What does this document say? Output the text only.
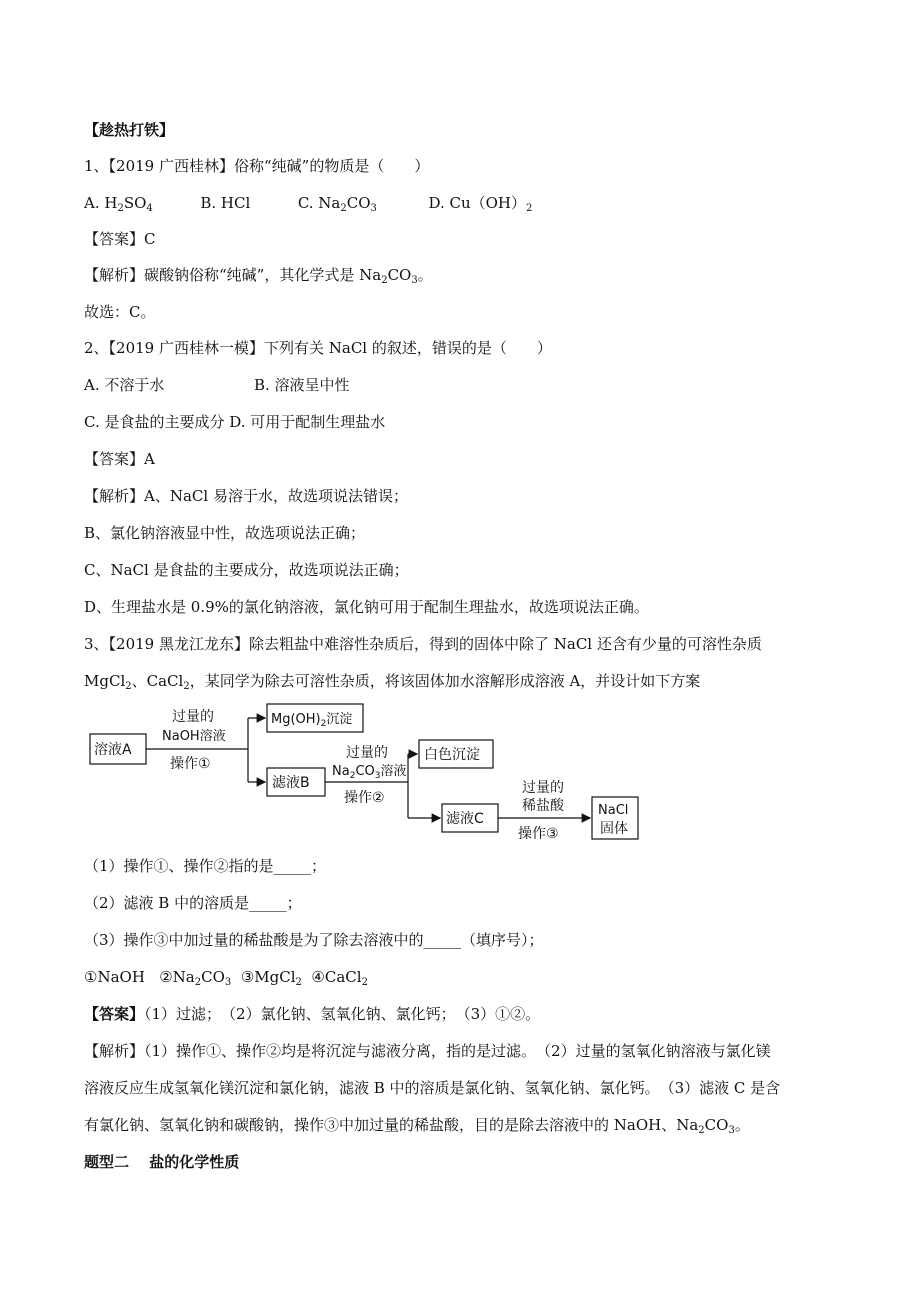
【趁热打铁】
1、【2019 广西桂林】俗称“纯碱”的物质是（　　）
A. $H_2SO_4$	B. HCl	C. $Na_2CO_3$	D. $Cu(OH)_2$
【答案】C
【解析】碳酸钠俗称“纯碱”，其化学式是 $Na_2CO_3$。
故选：C。
2、【2019 广西桂林一模】下列有关 NaCl 的叙述，错误的是（　　）
A. 不溶于水	B. 溶液呈中性
C. 是食盐的主要成分 D. 可用于配制生理盐水
【答案】A
【解析】A、NaCl 易溶于水，故选项说法错误；
B、氯化钠溶液显中性，故选项说法正确；
C、NaCl 是食盐的主要成分，故选项说法正确；
D、生理盐水是 0.9%的氯化钠溶液，氯化钠可用于配制生理盐水，故选项说法正确。
3、【2019 黑龙江龙东】除去粗盐中难溶性杂质后，得到的固体中除了 NaCl 还含有少量的可溶性杂质
MgCl$_2$、CaCl$_2$，某同学为除去可溶性杂质，将该固体加水溶解形成溶液 A，并设计如下方案
溶液A
过量的
NaOH溶液
操作①
$Mg(OH)_2$沉淀
滤液B
过量的
$Na_2CO_3$溶液
操作②
白色沉淀
滤液C
过量的
稀盐酸
操作③
NaCl
固体
（1）操作①、操作②指的是_____；
（2）滤液 B 中的溶质是_____；
（3）操作③中加过量的稀盐酸是为了除去溶液中的_____（填序号）；
①NaOH $②Na_2CO_3$ ③MgCl$_2$ ④CaCl$_2$
【答案】（1）过滤；　（2）氯化钠、氢氧化钠、氯化钙；　（3）①②。
【解析】（1）操作①、操作②均是将沉淀与滤液分离，指的是过滤。　（2）过量的氢氧化钠溶液与氯化镁
溶液反应生成氢氧化镁沉淀和氯化钠，滤液 B 中的溶质是氯化钠、氢氧化钠、氯化钙。　（3）滤液 C 是含
有氯化钠、氢氧化钠和碳酸钠，操作③中加过量的稀盐酸，目的是除去溶液中的 NaOH、$Na_2CO_3$。
题型二　 盐的化学性质
